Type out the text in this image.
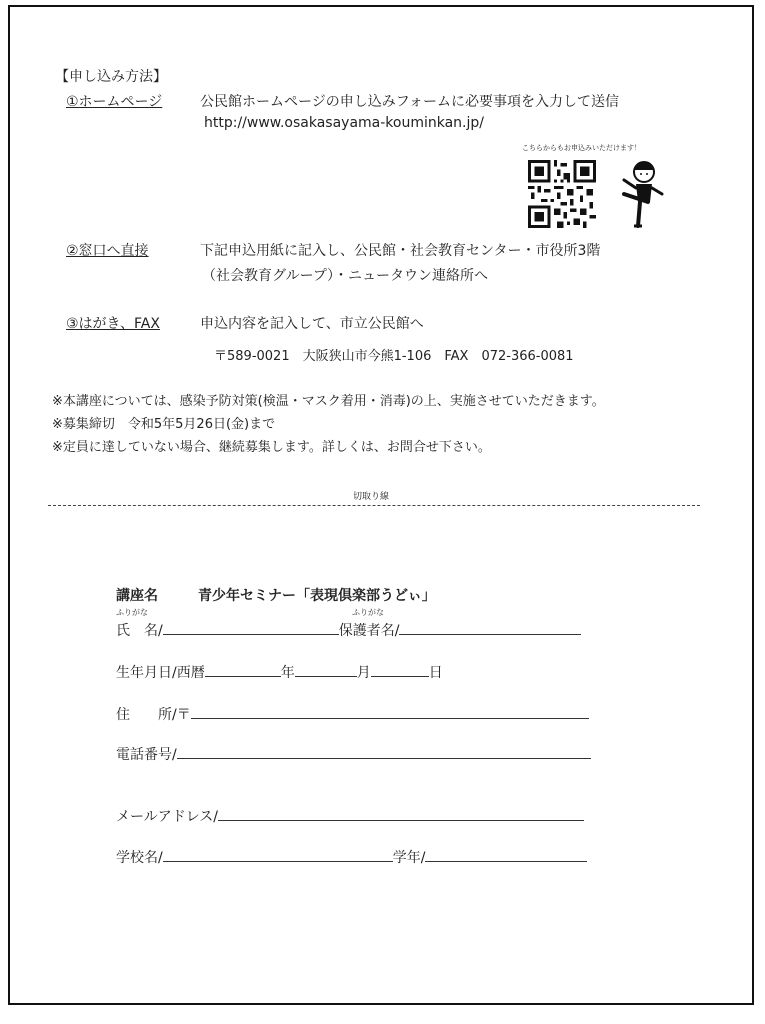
【申し込み方法】
①ホームページ	公民館ホームページの申し込みフォームに必要事項を入力して送信
http://www.osakasayama-kouminkan.jp/
こちらからもお申込みいただけます！
②窓口へ直接	下記申込用紙に記入し、公民館・社会教育センター・市役所3階
（社会教育グループ）・ニュータウン連絡所へ
③はがき、FAX	申込内容を記入して、市立公民館へ
〒589-0021　大阪狭山市今熊1-106　FAX　072-366-0081
※本講座については、感染予防対策(検温・マスク着用・消毒)の上、実施させていただきます。
※募集締切　令和5年5月26日(金)まで
※定員に達していない場合、継続募集します。詳しくは、お問合せ下さい。
切取り線
講座名	青少年セミナー「表現倶楽部うどぃ」
ふりがな	ふりがな
氏　名/	保護者名/
生年月日/西暦	年	月	日
住　　所/〒
電話番号/
メールアドレス/
学校名/	学年/
